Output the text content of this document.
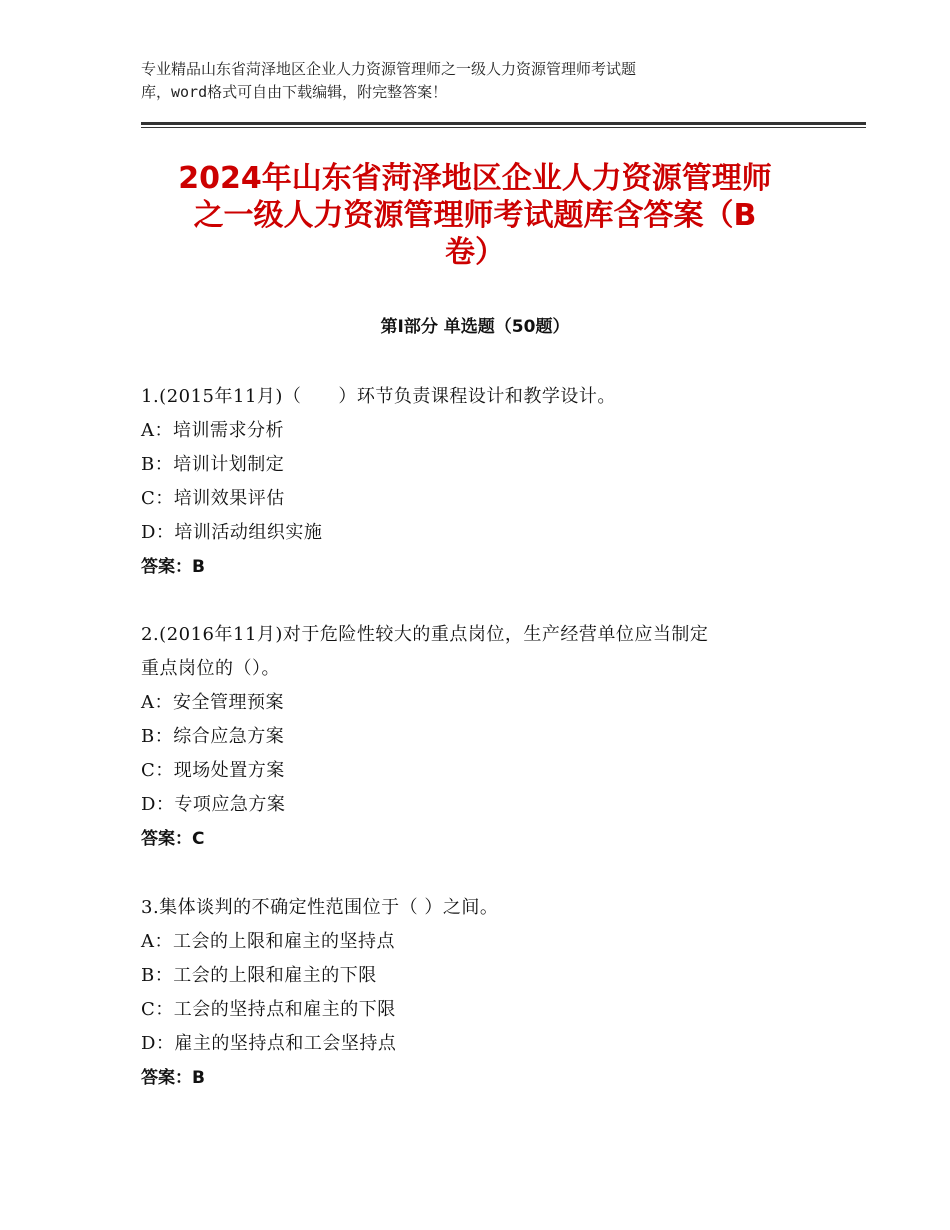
专业精品山东省菏泽地区企业人力资源管理师之一级人力资源管理师考试题
库，word格式可自由下载编辑，附完整答案！
2024年山东省菏泽地区企业人力资源管理师
之一级人力资源管理师考试题库含答案（B
卷）
第Ⅰ部分 单选题（50题）
1.(2015年11月)（　　）环节负责课程设计和教学设计。
A：培训需求分析
B：培训计划制定
C：培训效果评估
D：培训活动组织实施
答案：B
2.(2016年11月)对于危险性较大的重点岗位，生产经营单位应当制定
重点岗位的（）。
A：安全管理预案
B：综合应急方案
C：现场处置方案
D：专项应急方案
答案：C
3.集体谈判的不确定性范围位于（ ）之间。
A：工会的上限和雇主的坚持点
B：工会的上限和雇主的下限
C：工会的坚持点和雇主的下限
D：雇主的坚持点和工会坚持点
答案：B
